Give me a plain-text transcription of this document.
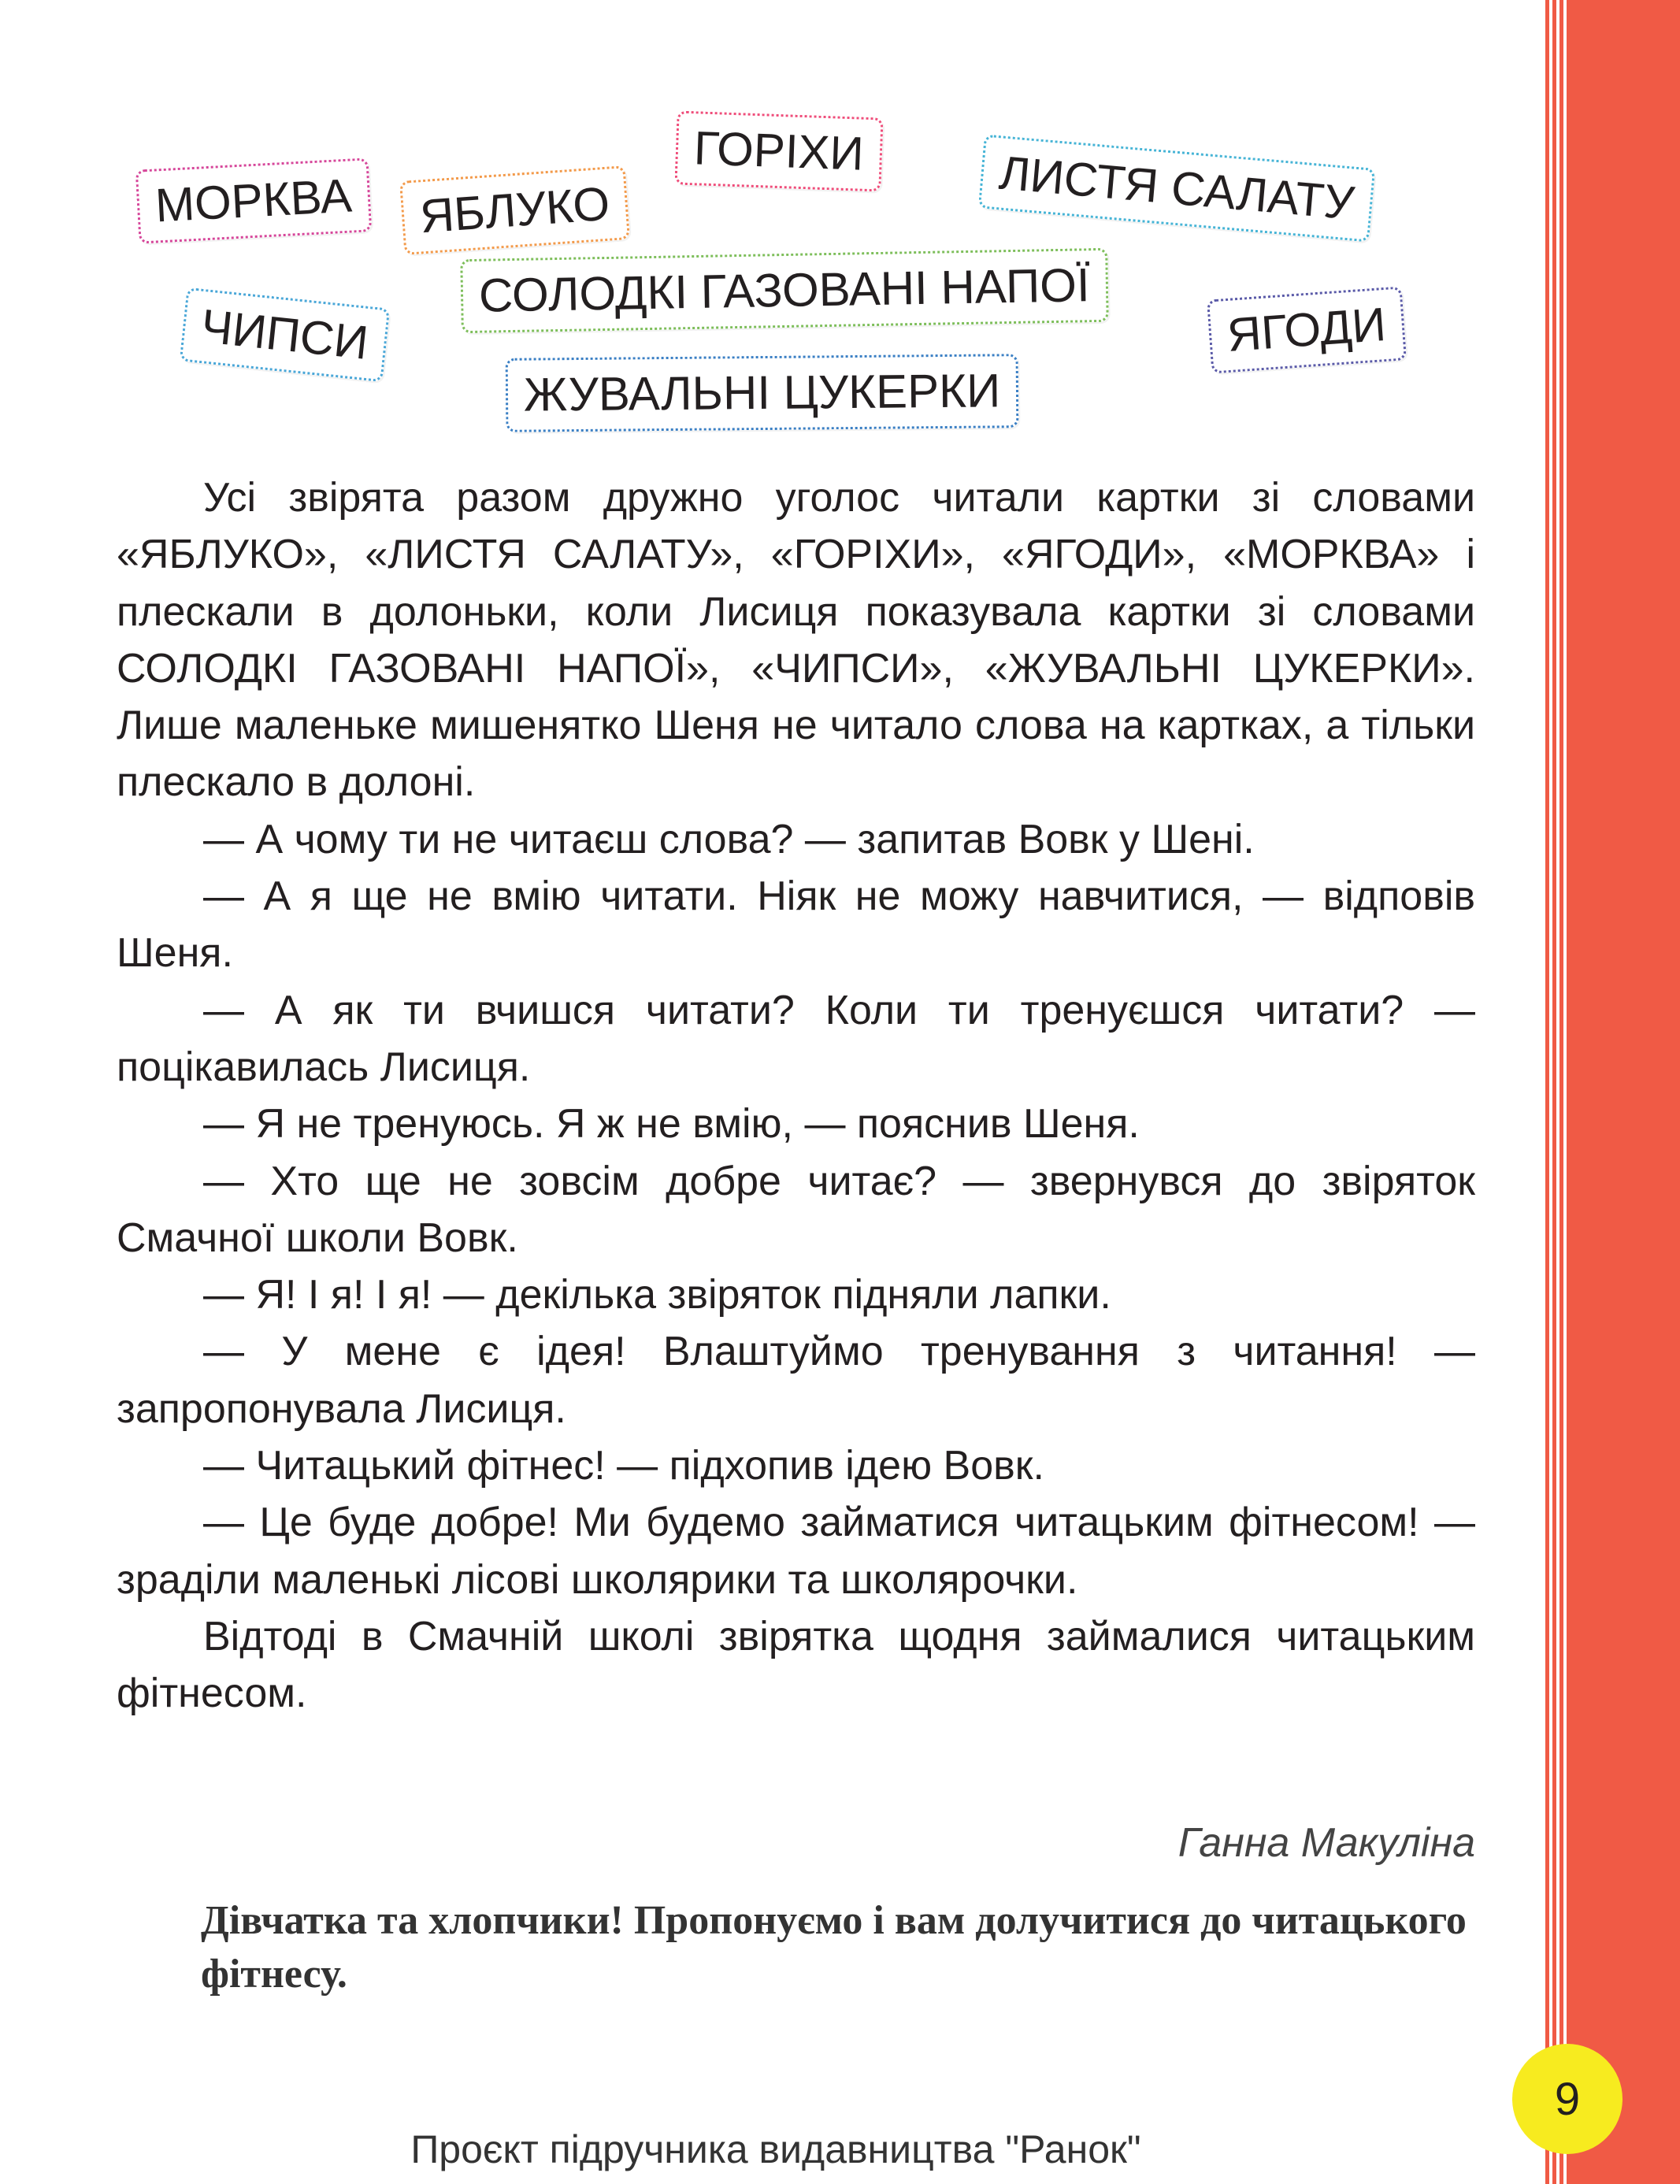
МОРКВА	ЯБЛУКО
ГОРІХИ	ЛИСТЯ САЛАТУ
СОЛОДКІ ГАЗОВАНІ НАПОЇ
ЧИПСИ	ЯГОДИ
ЖУВАЛЬНІ ЦУКЕРКИ

Усі звірята разом дружно уголос читали картки зі словами «ЯБЛУКО», «ЛИСТЯ САЛАТУ», «ГОРІХИ», «ЯГОДИ», «МОРКВА» і плескали в долоньки, коли Лисиця показувала картки зі словами СОЛОДКІ ГАЗОВАНІ НАПОЇ», «ЧИПСИ», «ЖУВАЛЬНІ ЦУКЕРКИ». Лише маленьке мишенятко Шеня не читало слова на картках, а тільки плескало в долоні.

— А чому ти не читаєш слова? — запитав Вовк у Шені.

— А я ще не вмію читати. Ніяк не можу навчитися, — відповів Шеня.

— А як ти вчишся читати? Коли ти тренуєшся читати? — поцікавилась Лисиця.

— Я не тренуюсь. Я ж не вмію, — пояснив Шеня.

— Хто ще не зовсім добре читає? — звернувся до звіряток Смачної школи Вовк.

— Я! І я! І я! — декілька звіряток підняли лапки.

— У мене є ідея! Влаштуймо тренування з читання! — запропонувала Лисиця.

— Читацький фітнес! — підхопив ідею Вовк.

— Це буде добре! Ми будемо займатися читацьким фітнесом! — зраділи маленькі лісові школярики та школярочки.

Відтоді в Смачній школі звірятка щодня займалися читацьким фітнесом.

Ганна Макуліна
Дівчатка та хлопчики! Пропонуємо і вам долучитися до читацького фітнесу.
9
Проєкт підручника видавництва "Ранок"
